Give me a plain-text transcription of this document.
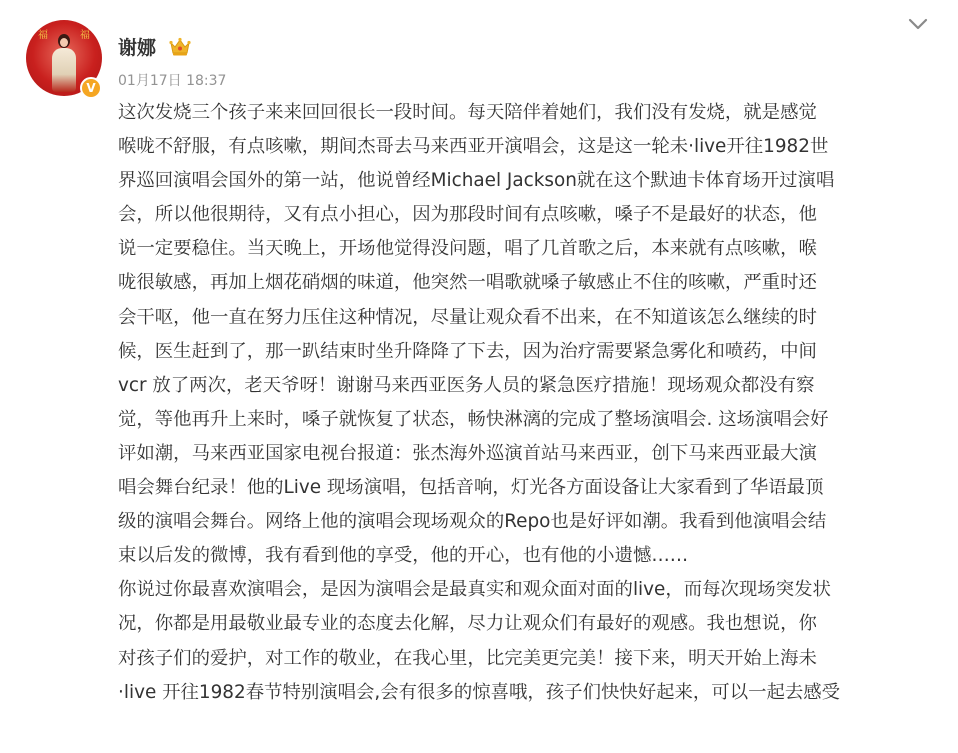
福	福
V
谢娜
01月17日 18:37

这次发烧三个孩子来来回回很长一段时间。每天陪伴着她们，我们没有发烧，就是感觉
喉咙不舒服，有点咳嗽，期间杰哥去马来西亚开演唱会，这是这一轮未·live开往1982世
界巡回演唱会国外的第一站，他说曾经Michael Jackson就在这个默迪卡体育场开过演唱
会，所以他很期待，又有点小担心，因为那段时间有点咳嗽，嗓子不是最好的状态，他
说一定要稳住。当天晚上，开场他觉得没问题，唱了几首歌之后，本来就有点咳嗽，喉
咙很敏感，再加上烟花硝烟的味道，他突然一唱歌就嗓子敏感止不住的咳嗽，严重时还
会干呕，他一直在努力压住这种情况，尽量让观众看不出来，在不知道该怎么继续的时
候，医生赶到了，那一趴结束时坐升降降了下去，因为治疗需要紧急雾化和喷药，中间
vcr 放了两次，老天爷呀！谢谢马来西亚医务人员的紧急医疗措施！现场观众都没有察
觉，等他再升上来时，嗓子就恢复了状态，畅快淋漓的完成了整场演唱会. 这场演唱会好
评如潮，马来西亚国家电视台报道：张杰海外巡演首站马来西亚，创下马来西亚最大演
唱会舞台纪录！他的Live 现场演唱，包括音响，灯光各方面设备让大家看到了华语最顶
级的演唱会舞台。网络上他的演唱会现场观众的Repo也是好评如潮。我看到他演唱会结
束以后发的微博，我有看到他的享受，他的开心，也有他的小遗憾……

你说过你最喜欢演唱会，是因为演唱会是最真实和观众面对面的live，而每次现场突发状
况，你都是用最敬业最专业的态度去化解，尽力让观众们有最好的观感。我也想说，你
对孩子们的爱护，对工作的敬业，在我心里，比完美更完美！接下来，明天开始上海未
·live 开往1982春节特别演唱会,会有很多的惊喜哦，孩子们快快好起来，可以一起去感受
